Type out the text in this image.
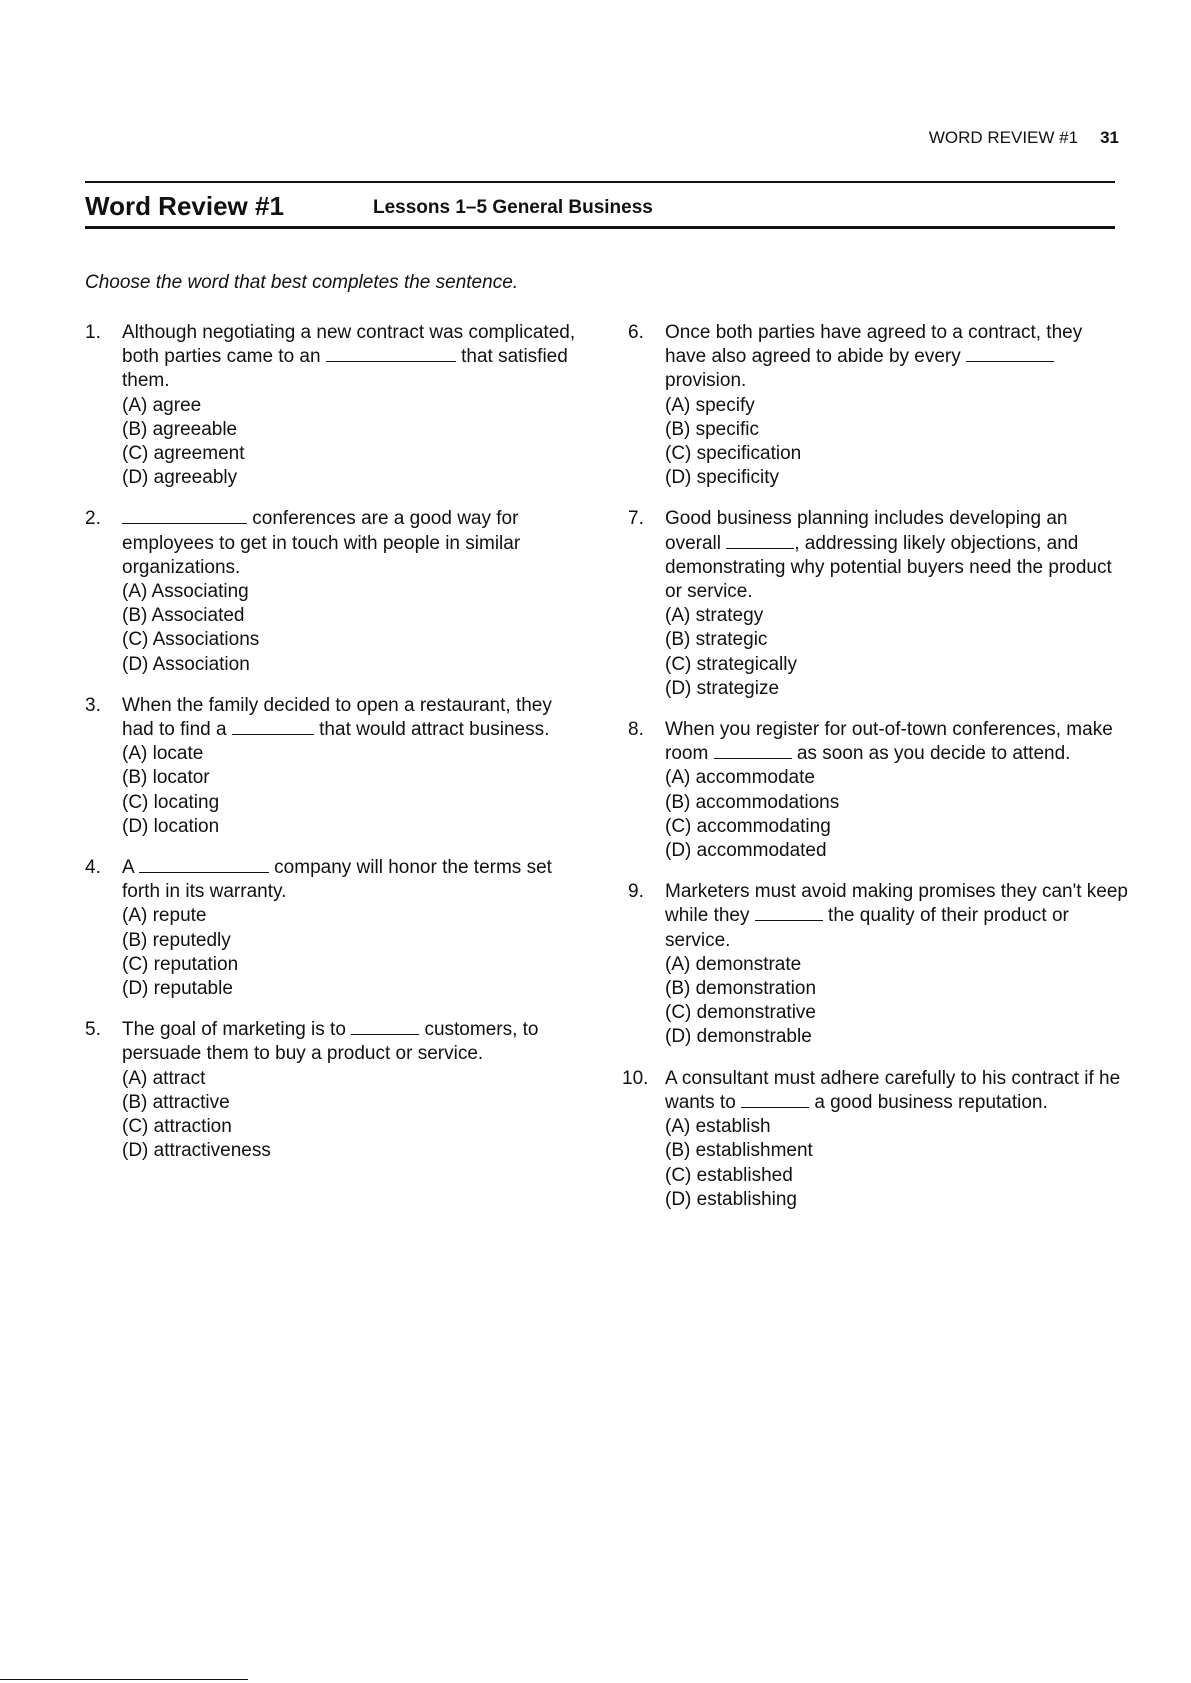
WORD REVIEW #1 31
Word Review #1	Lessons 1–5 General Business
Choose the word that best completes the sentence.
1. Although negotiating a new contract was complicated, both parties came to an	that satisfied them.

(A) agree
(B) agreeable
(C) agreement
(D) agreeably
2.	conferences are a good way for employees to get in touch with people in similar organizations.

(A) Associating
(B) Associated
(C) Associations
(D) Association
3. When the family decided to open a restaurant, they had to find a	that would attract business.

(A) locate
(B) locator
(C) locating
(D) location
4. A	company will honor the terms set forth in its warranty.

(A) repute
(B) reputedly
(C) reputation
(D) reputable
5. The goal of marketing is to	customers, to persuade them to buy a product or service.

(A) attract
(B) attractive
(C) attraction
(D) attractiveness
6. Once both parties have agreed to a contract, they have also agreed to abide by every  provision.

(A) specify
(B) specific
(C) specification
(D) specificity
7. Good business planning includes developing an overall	, addressing likely objections, and demonstrating why potential buyers need the product or service.

(A) strategy
(B) strategic
(C) strategically
(D) strategize
8. When you register for out-of-town conferences, make room	as soon as you decide to attend.

(A) accommodate
(B) accommodations
(C) accommodating
(D) accommodated
9. Marketers must avoid making promises they can't keep while they	the quality of their product or service.

(A) demonstrate
(B) demonstration
(C) demonstrative
(D) demonstrable
10. A consultant must adhere carefully to his contract if he wants to	a good business reputation.

(A) establish
(B) establishment
(C) established
(D) establishing
